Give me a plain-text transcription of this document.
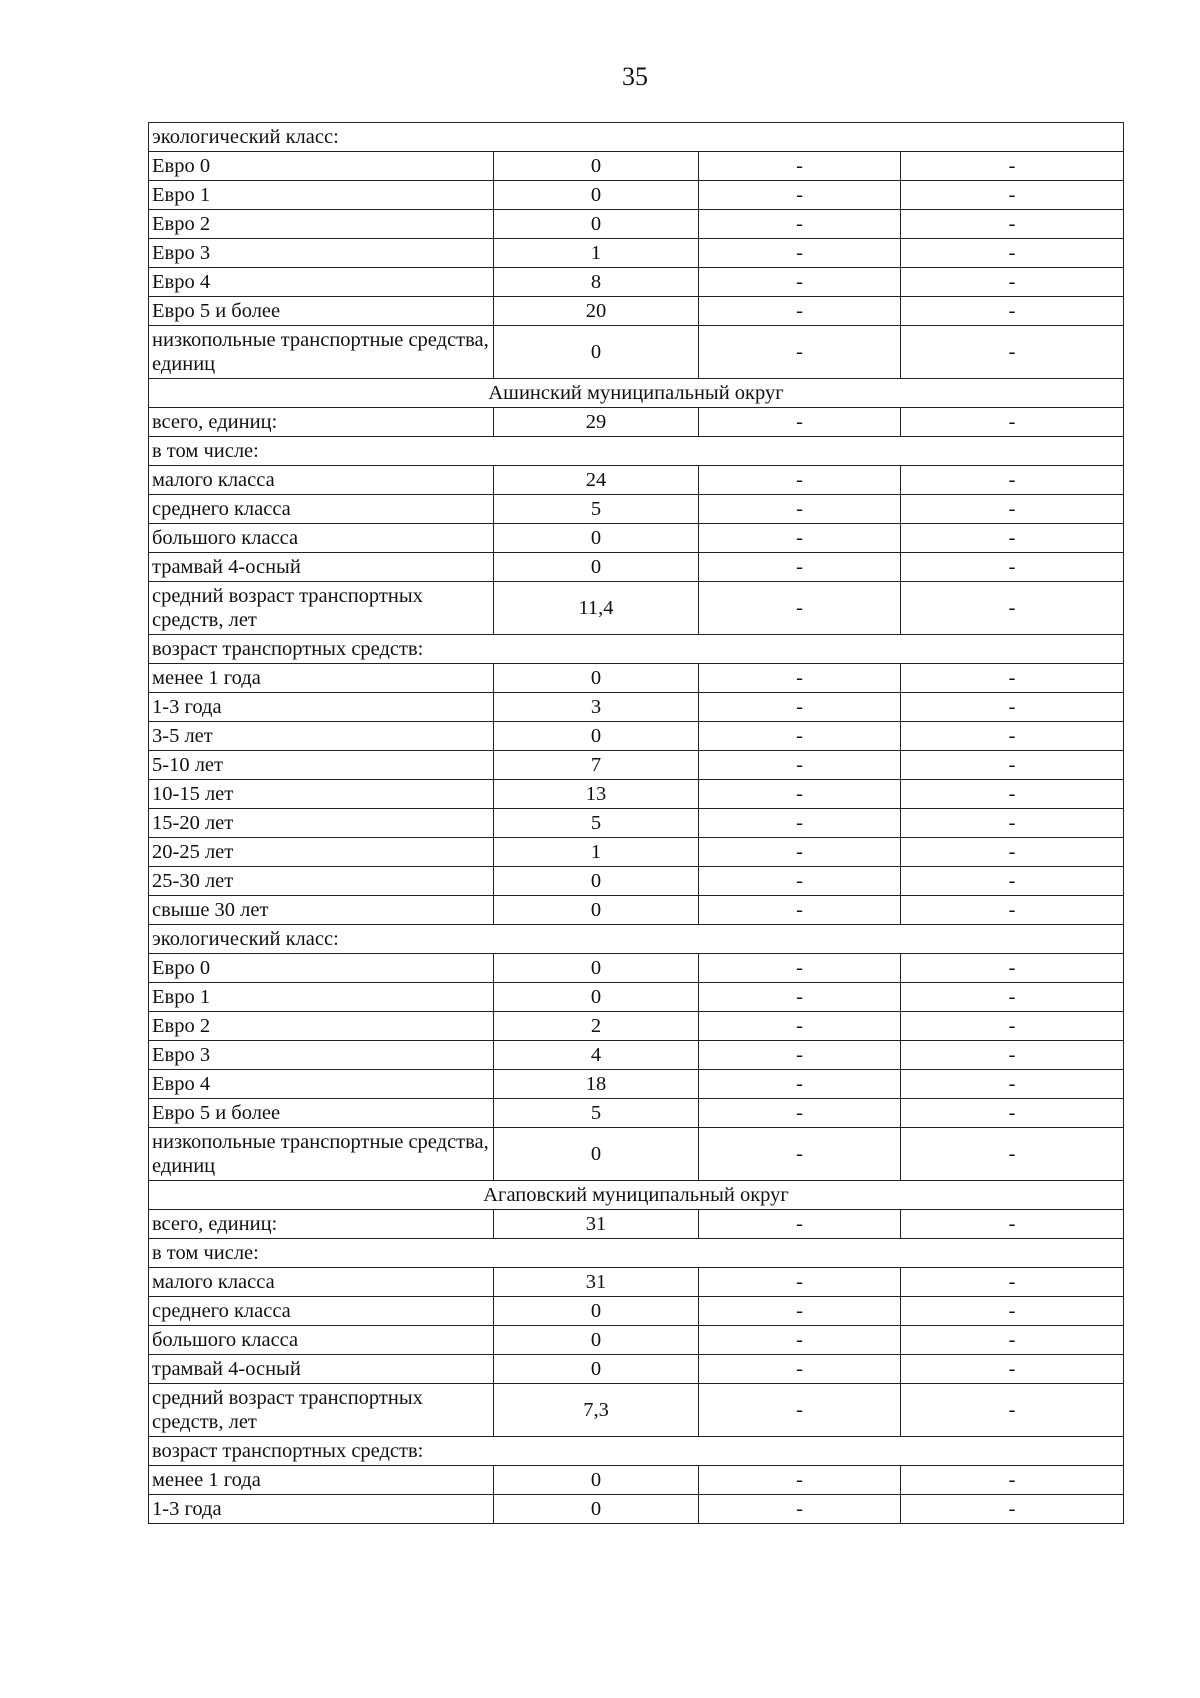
35
экологический класс:			
Евро 0	0	-	-
Евро 1	0	-	-
Евро 2	0	-	-
Евро 3	1	-	-
Евро 4	8	-	-
Евро 5 и более	20	-	-
низкопольные транспортные средства, единиц	0	-	-
Ашинский муниципальный округ			
всего, единиц:	29	-	-
в том числе:			
малого класса	24	-	-
среднего класса	5	-	-
большого класса	0	-	-
трамвай 4-осный	0	-	-
средний возраст транспортных средств, лет	11,4	-	-
возраст транспортных средств:			
менее 1 года	0	-	-
1-3 года	3	-	-
3-5 лет	0	-	-
5-10 лет	7	-	-
10-15 лет	13	-	-
15-20 лет	5	-	-
20-25 лет	1	-	-
25-30 лет	0	-	-
свыше 30 лет	0	-	-
экологический класс:			
Евро 0	0	-	-
Евро 1	0	-	-
Евро 2	2	-	-
Евро 3	4	-	-
Евро 4	18	-	-
Евро 5 и более	5	-	-
низкопольные транспортные средства, единиц	0	-	-
Агаповский муниципальный округ			
всего, единиц:	31	-	-
в том числе:			
малого класса	31	-	-
среднего класса	0	-	-
большого класса	0	-	-
трамвай 4-осный	0	-	-
средний возраст транспортных средств, лет	7,3	-	-
возраст транспортных средств:			
менее 1 года	0	-	-
1-3 года	0	-	-
